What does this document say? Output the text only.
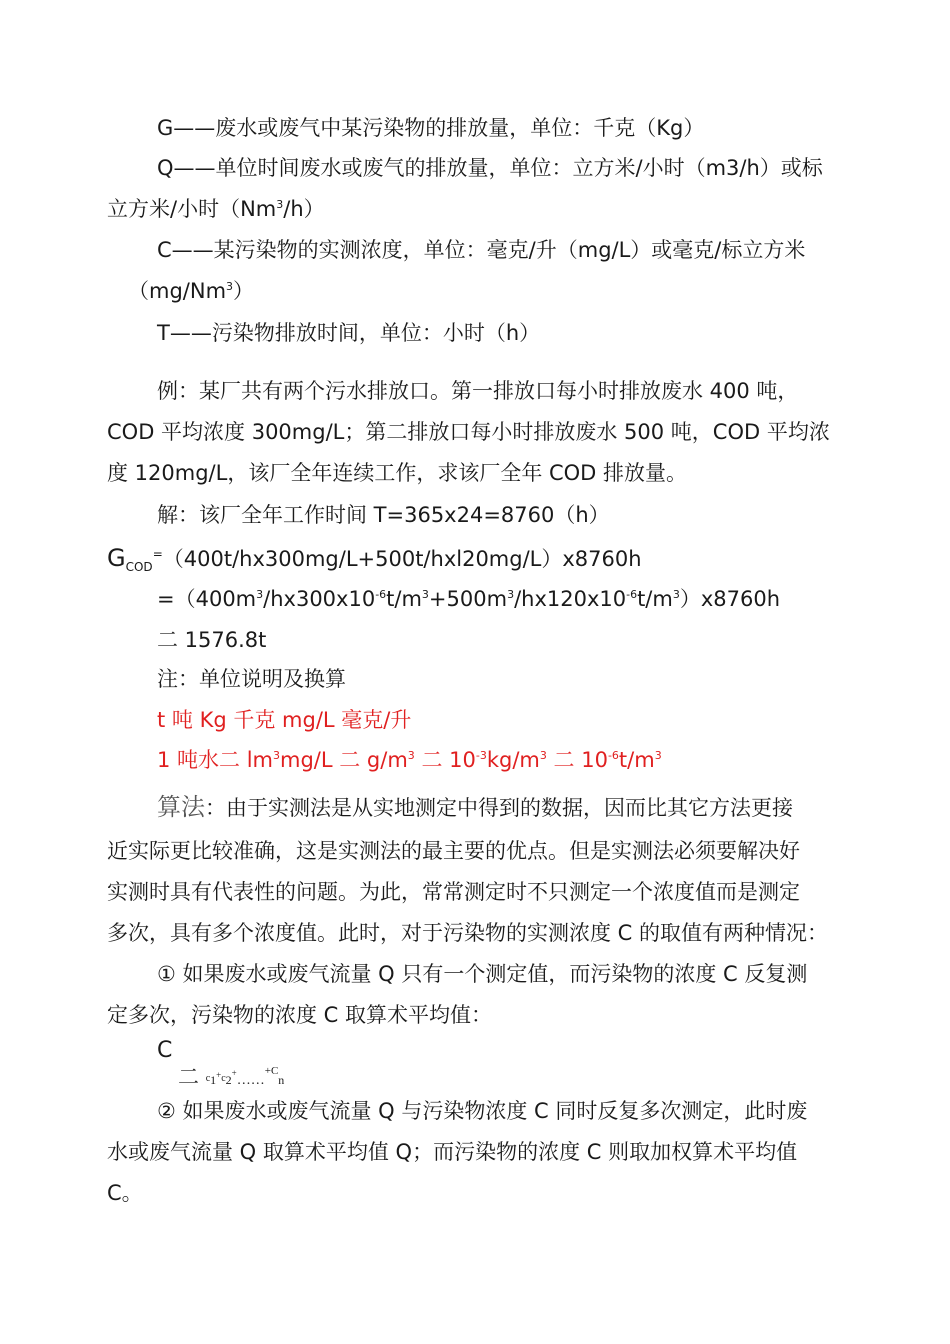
G——废水或废气中某污染物的排放量，单位：千克（Kg）
Q——单位时间废水或废气的排放量，单位：立方米/小时（m3/h）或标
立方米/小时（Nm$^3$/h）
C——某污染物的实测浓度，单位：毫克/升（mg/L）或毫克/标立方米
（mg/Nm$^3$）
T——污染物排放时间，单位：小时（h）
例：某厂共有两个污水排放口。第一排放口每小时排放废水 400 吨，
COD 平均浓度 300mg/L；第二排放口每小时排放废水 500 吨，COD 平均浓
度 120mg/L，该厂全年连续工作，求该厂全年 COD 排放量。
解：该厂全年工作时间 T=365x24=8760（h）
$G_{COD}^=(400t/hx300mg/L+500t/hxl20mg/L)x8760h$
$=(400m^3/hx300x10^{-6}t/m^3+500m^3/hx120x10^{-6}t/m^3)x8760h$
二 1576.8t
注：单位说明及换算
t 吨 Kg 千克 mg/L 毫克/升
1 吨水二 $lm^3mg/L$ 二 $g/m^3$ 二 $10^{-3}kg/m^3$ 二 $10^{-6}t/m^3$
算法：由于实测法是从实地测定中得到的数据，因而比其它方法更接
近实际更比较准确，这是实测法的最主要的优点。但是实测法必须要解决好
实测时具有代表性的问题。为此，常常测定时不只测定一个浓度值而是测定
多次，具有多个浓度值。此时，对于污染物的实测浓度 C 的取值有两种情况：
① 如果废水或废气流量 Q 只有一个测定值，而污染物的浓度 C 反复测
定多次，污染物的浓度 C 取算术平均值：
C
二 c1+c2+……$^{+C}$n
② 如果废水或废气流量 Q 与污染物浓度 C 同时反复多次测定，此时废
水或废气流量 Q 取算术平均值 Q；而污染物的浓度 C 则取加权算术平均值
C。
